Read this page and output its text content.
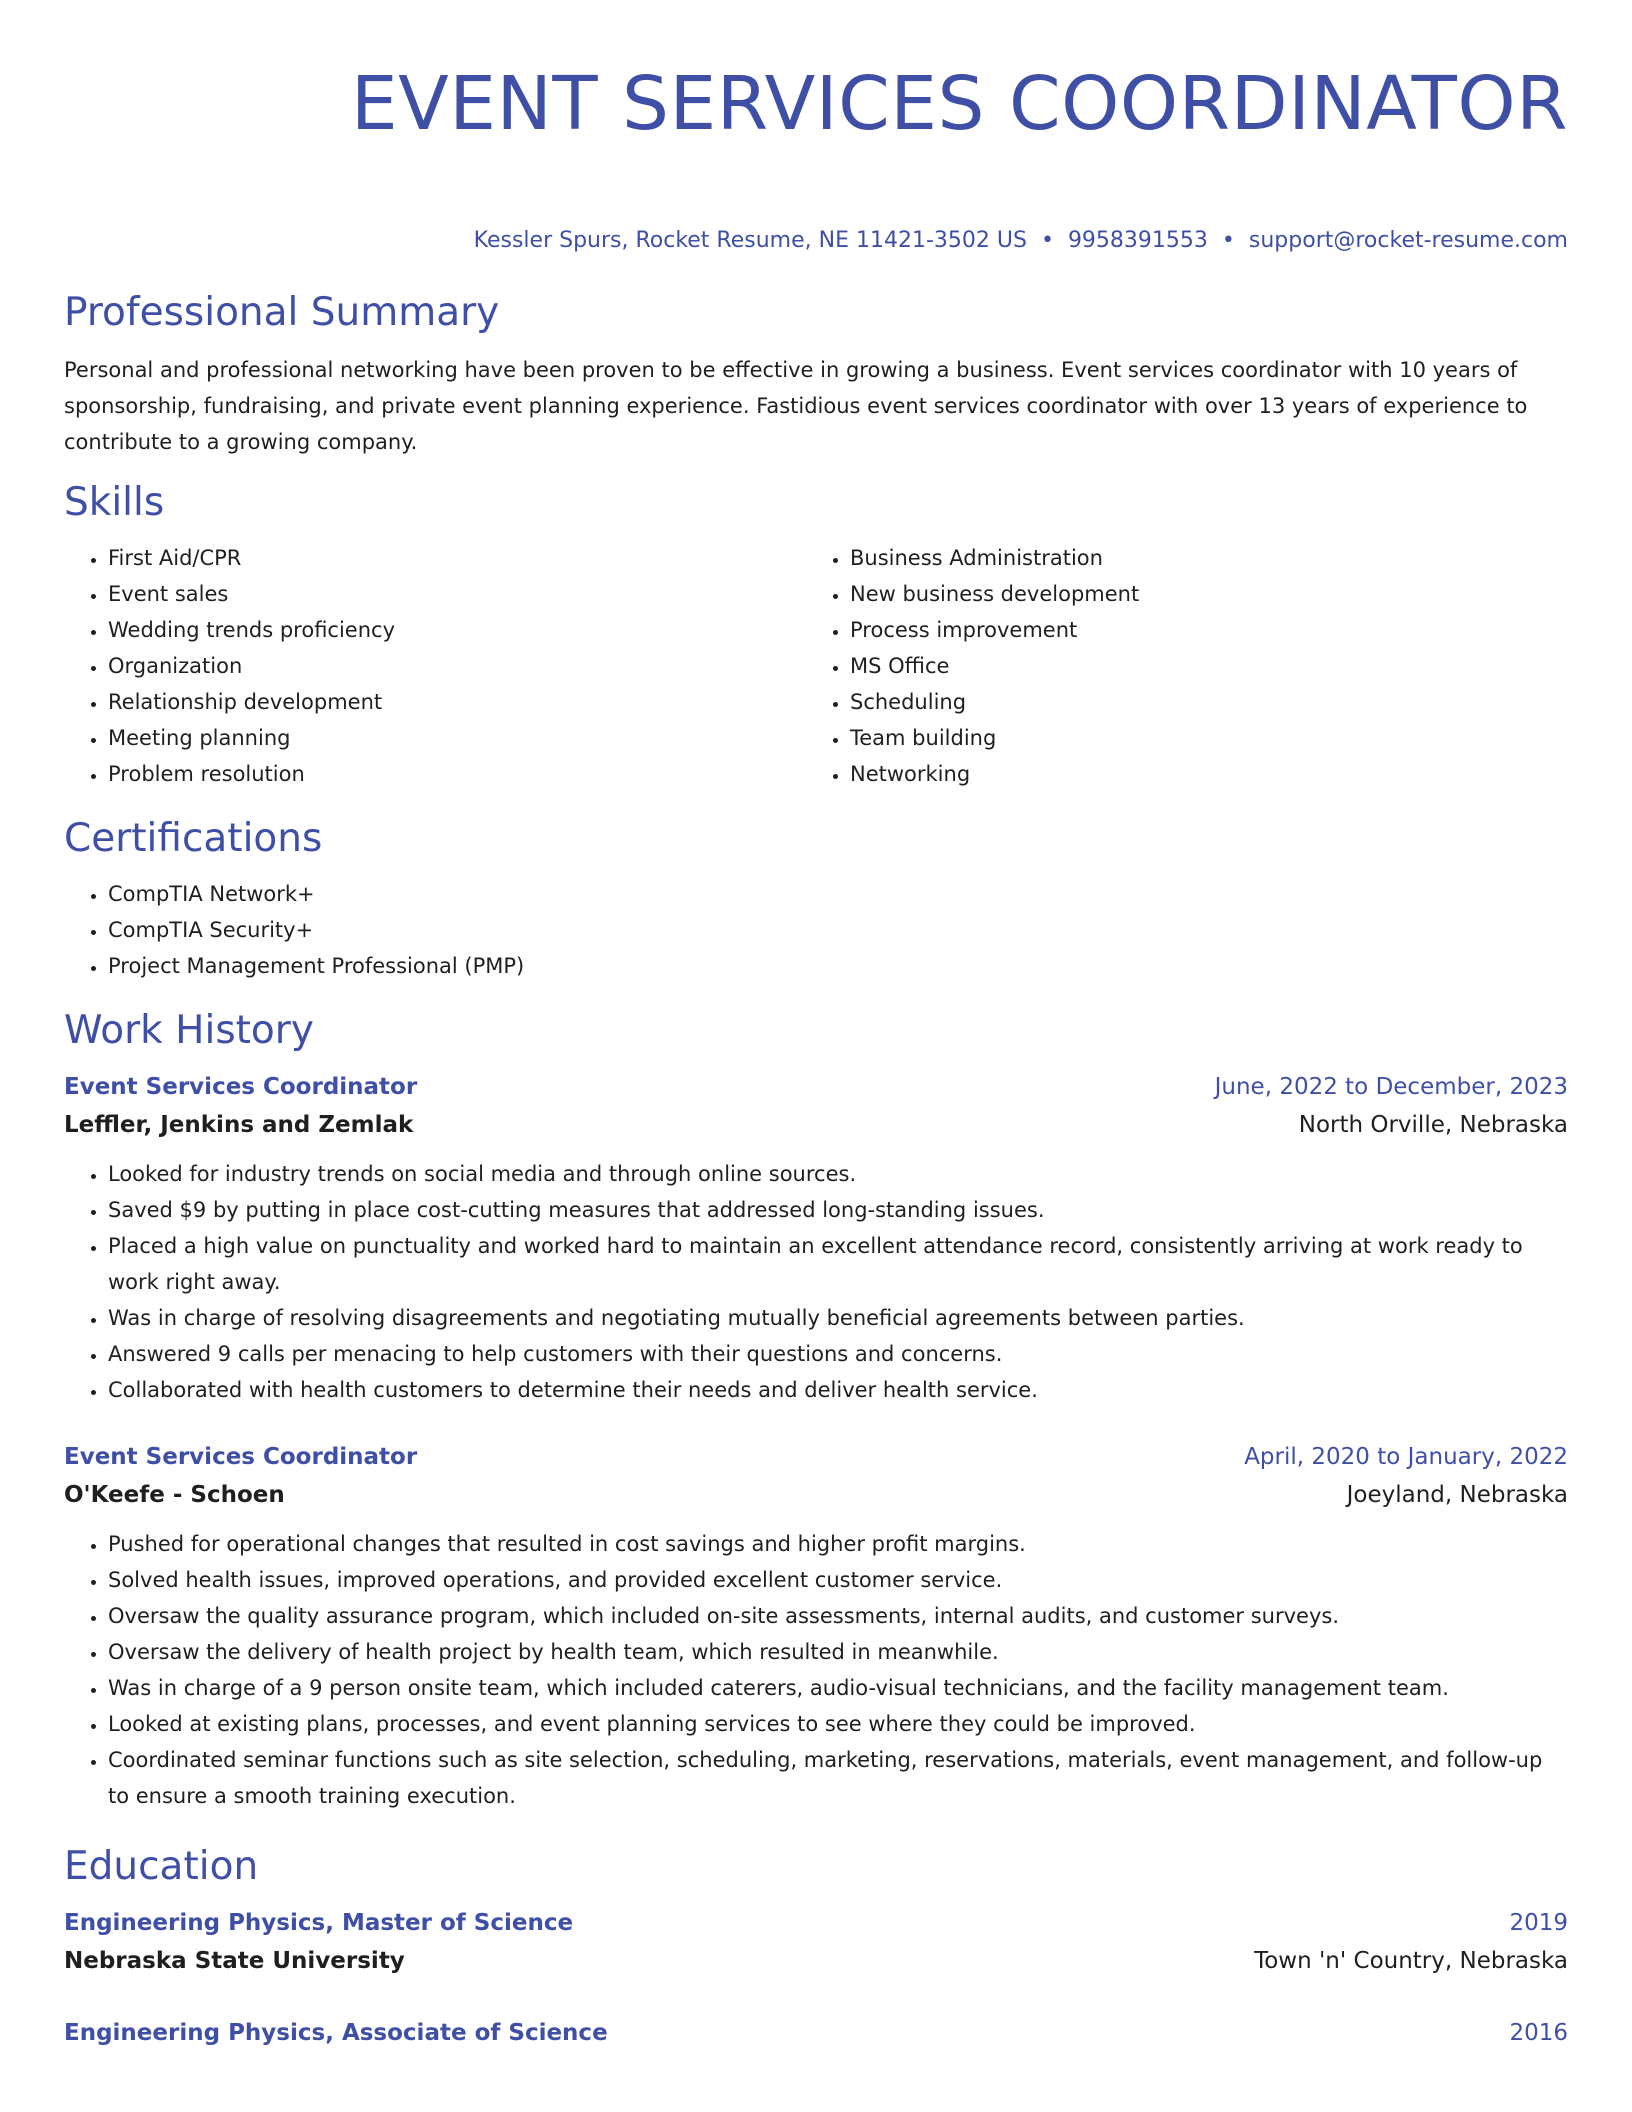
EVENT SERVICES COORDINATOR
Kessler Spurs, Rocket Resume, NE 11421-3502 US • 9958391553 • support@rocket-resume.com
Professional Summary

Personal and professional networking have been proven to be effective in growing a business. Event services coordinator with 10 years of sponsorship, fundraising, and private event planning experience. Fastidious event services coordinator with over 13 years of experience to contribute to a growing company.

Skills
• First Aid/CPR
• Event sales
• Wedding trends proficiency
• Organization
• Relationship development
• Meeting planning
• Problem resolution
• Business Administration
• New business development
• Process improvement
• MS Office
• Scheduling
• Team building
• Networking
Certifications
• CompTIA Network+
• CompTIA Security+
• Project Management Professional (PMP)
Work History
Event Services Coordinator	June, 2022 to December, 2023
Leffler, Jenkins and Zemlak	North Orville, Nebraska
• Looked for industry trends on social media and through online sources.
• Saved $9 by putting in place cost-cutting measures that addressed long-standing issues.
• Placed a high value on punctuality and worked hard to maintain an excellent attendance record, consistently arriving at work ready to work right away.
• Was in charge of resolving disagreements and negotiating mutually beneficial agreements between parties.
• Answered 9 calls per menacing to help customers with their questions and concerns.
• Collaborated with health customers to determine their needs and deliver health service.
Event Services Coordinator	April, 2020 to January, 2022
O'Keefe - Schoen	Joeyland, Nebraska
• Pushed for operational changes that resulted in cost savings and higher profit margins.
• Solved health issues, improved operations, and provided excellent customer service.
• Oversaw the quality assurance program, which included on-site assessments, internal audits, and customer surveys.
• Oversaw the delivery of health project by health team, which resulted in meanwhile.
• Was in charge of a 9 person onsite team, which included caterers, audio-visual technicians, and the facility management team.
• Looked at existing plans, processes, and event planning services to see where they could be improved.
• Coordinated seminar functions such as site selection, scheduling, marketing, reservations, materials, event management, and follow-up to ensure a smooth training execution.
Education
Engineering Physics, Master of Science	2019
Nebraska State University	Town 'n' Country, Nebraska
Engineering Physics, Associate of Science	2016
